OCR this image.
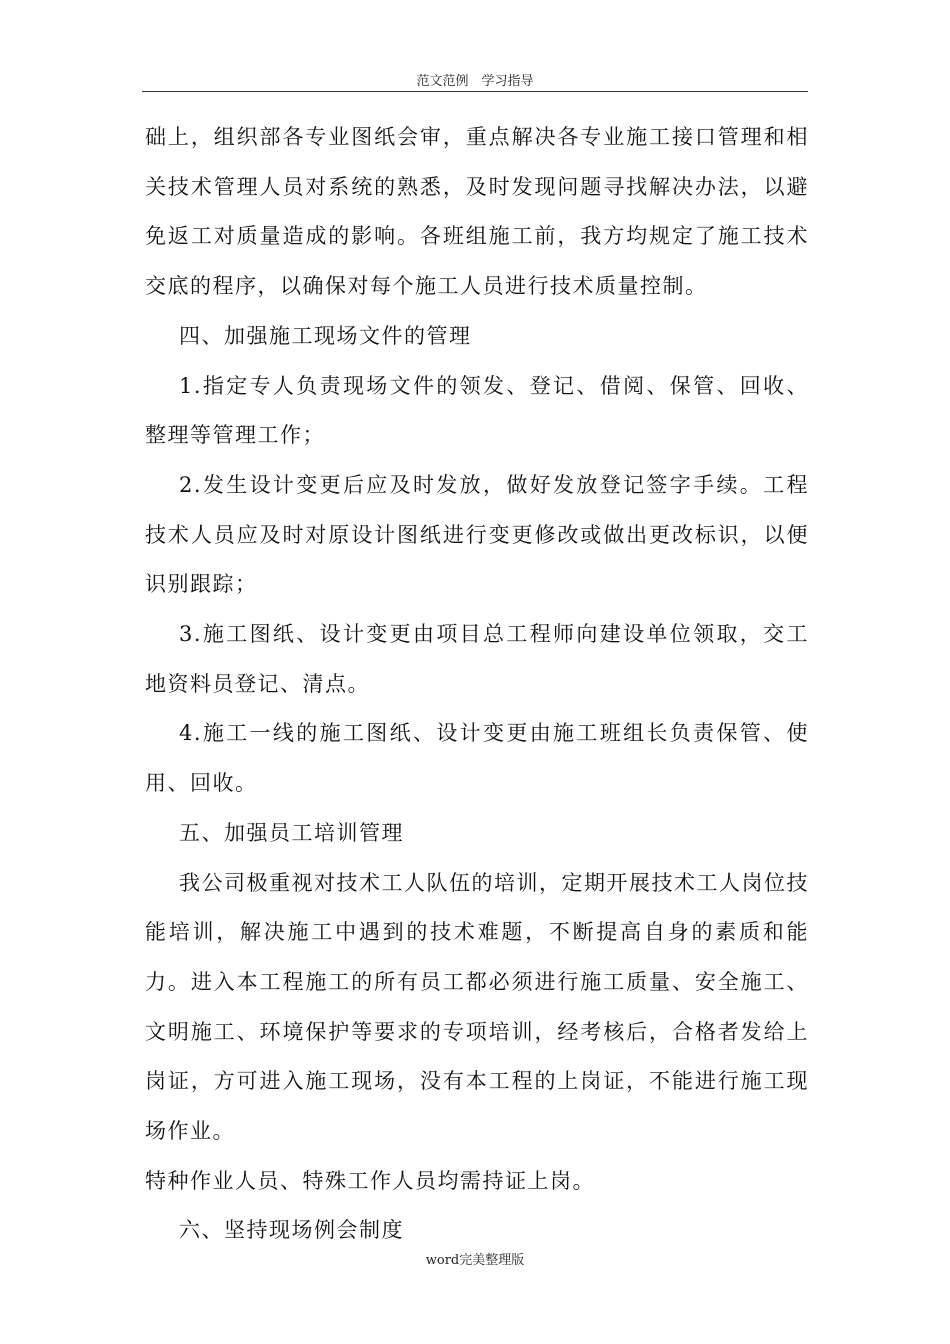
范文范例　学习指导

础上，组织部各专业图纸会审，重点解决各专业施工接口管理和相关技术管理人员对系统的熟悉，及时发现问题寻找解决办法，以避免返工对质量造成的影响。各班组施工前，我方均规定了施工技术交底的程序，以确保对每个施工人员进行技术质量控制。

四、加强施工现场文件的管理

1.指定专人负责现场文件的领发、登记、借阅、保管、回收、整理等管理工作；

2.发生设计变更后应及时发放，做好发放登记签字手续。工程技术人员应及时对原设计图纸进行变更修改或做出更改标识，以便识别跟踪；

3.施工图纸、设计变更由项目总工程师向建设单位领取，交工地资料员登记、清点。

4.施工一线的施工图纸、设计变更由施工班组长负责保管、使用、回收。

五、加强员工培训管理

我公司极重视对技术工人队伍的培训，定期开展技术工人岗位技能培训，解决施工中遇到的技术难题，不断提高自身的素质和能力。进入本工程施工的所有员工都必须进行施工质量、安全施工、文明施工、环境保护等要求的专项培训，经考核后，合格者发给上岗证，方可进入施工现场，没有本工程的上岗证，不能进行施工现场作业。

特种作业人员、特殊工作人员均需持证上岗。

六、坚持现场例会制度

word完美整理版
